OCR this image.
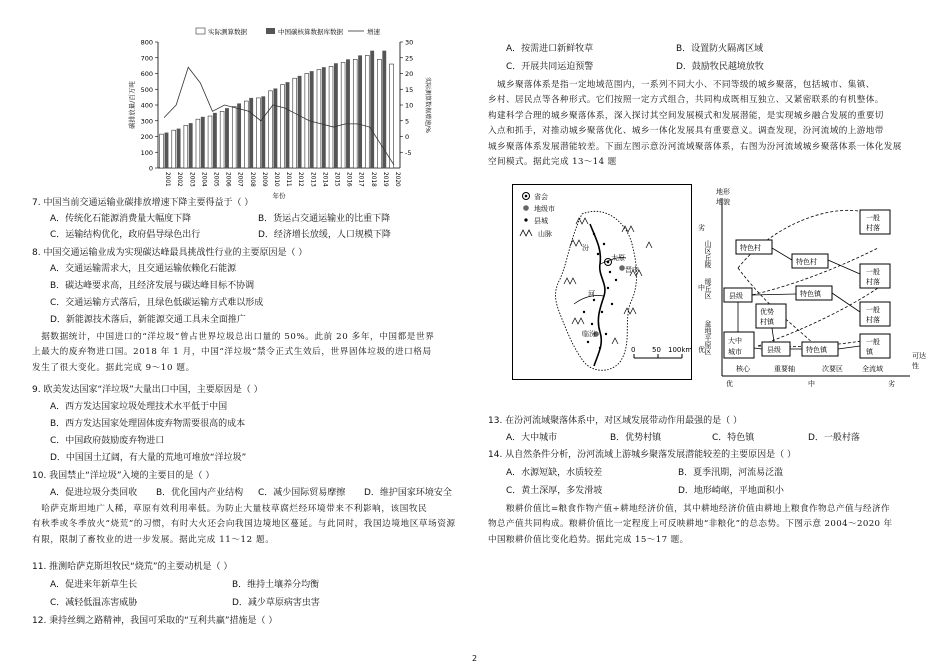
0
100
200
300
400
500
600
700
800
-5
0
5
10
15
20
25
30
2001 2002 2003 2004 2005 2006 2007 2008 2009 2010 2011 2012 2013 2014 2015 2016 2017 2018 2019 2020
实际测算数据	中国碳核算数据库数据	增速
碳排放量/百万吨	实际测算数据增速/%
年份
7. 中国当前交通运输业碳排放增速下降主要得益于（ ）
A．传统化石能源消费量大幅度下降	B．货运占交通运输业的比重下降
C．运输结构优化，政府倡导绿色出行	D．经济增长放缓，人口规模下降
8. 中国交通运输业成为实现碳达峰最具挑战性行业的主要原因是（ ）
A．交通运输需求大，且交通运输依赖化石能源
B．碳达峰要求高，且经济发展与碳达峰目标不协调
C．交通运输方式落后，且绿色低碳运输方式难以形成
D．新能源技术落后，新能源交通工具未全面推广
　据数据统计，中国进口的“洋垃圾”曾占世界垃圾总出口量的 50%。此前 20 多年，中国都是世界
上最大的废弃物进口国。2018 年 1 月，中国“洋垃圾”禁令正式生效后，世界固体垃圾的进口格局
发生了很大变化。据此完成 9～10 题。
9. 欧美发达国家“洋垃圾”大量出口中国，主要原因是（ ）
A．西方发达国家垃圾处理技术水平低于中国
B．西方发达国家处理固体废弃物需要很高的成本
C．中国政府鼓励废弃物进口
D．中国国土辽阔，有大量的荒地可堆放“洋垃圾”
10. 我国禁止“洋垃圾”入境的主要目的是（ ）
A．促进垃圾分类回收 B．优化国内产业结构 C．减少国际贸易摩擦 D．维护国家环境安全
　哈萨克斯坦地广人稀，草原有效利用率低。为防止大量枝草腐烂经环境带来不利影响，该国牧民
有秋季或冬季放火“烧荒”的习惯，有时大火还会向我国边境地区蔓延。与此同时，我国边境地区草场资源
有限，限制了畜牧业的进一步发展。据此完成 11～12 题。
11. 推测哈萨克斯坦牧民“烧荒”的主要动机是（ ）
A．促进来年新草生长	B．维持土壤养分均衡
C．减轻低温冻害威胁	D．减少草原病害虫害
12. 秉持丝绸之路精神，我国可采取的“互利共赢”措施是（ ）
A．按需进口新鲜牧草	B．设置防火隔离区域
C．开展共同运迫预警	D．鼓励牧民越境放牧
　城乡聚落体系是指一定地域范围内，一系列不同大小、不同等级的城乡聚落，包括城市、集镇、
乡村、居民点等各种形式。它们按照一定方式组合，共同构成既相互独立、又紧密联系的有机整体。
构建科学合理的城乡聚落体系，深入探讨其空间发展模式和发展潜能，是实现城乡融合发展的重要切
入点和抓手，对推动城乡聚落优化、城乡一体化发展具有重要意义。调查发现，汾河流域的上游地带
城乡聚落体系发展潜能较差。下面左图示意汾河流域聚落体系，右图为汾河流域城乡聚落体系一体化发展
空间模式。据此完成 13～14 题
省会
地级市
县城
山脉
太原
晋中
临汾
汾
河
0 50 100km
地形
地貌
劣
中
优
山区丘陵
缓丘区
盆地平原区
核心	重要轴	次要区	全流域
优	中	劣
可达
性
一般
村落
特色村
特色村
一般
村落
县级	特色镇
优势
村镇
一般
村落
大中
城市	县级	特色镇
一般
镇
13. 在汾河流域聚落体系中，对区域发展带动作用最强的是（ ）
A．大中城市	B．优势村镇	C．特色镇	D．一般村落
14. 从自然条件分析，汾河流域上游城乡聚落发展潜能较差的主要原因是（ ）
A．水源短缺，水质较差	B．夏季汛期，河流易泛滥
C．黄土深厚，多发滑坡	D．地形崎岖，平地面积小
　　粮耕价值比=粮食作物产值÷耕地经济价值，其中耕地经济价值由耕地上粮食作物总产值与经济作
物总产值共同构成。粮耕价值比一定程度上可反映耕地“非粮化”的总态势。下图示意 2004～2020 年
中国粮耕价值比变化趋势。据此完成 15～17 题。
2
